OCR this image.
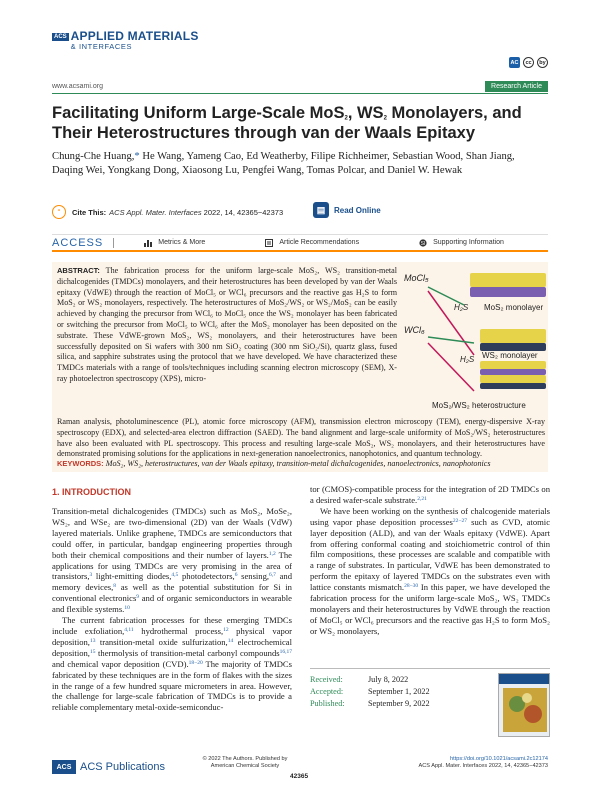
ACS APPLIED MATERIALS
& INTERFACES
AC	cc	by
www.acsami.org	Research Article
Facilitating Uniform Large-Scale MoS$_2$, $WS_2$ Monolayers, and Their Heterostructures through van der Waals Epitaxy
Chung-Che Huang,* He Wang, Yameng Cao, Ed Weatherby, Filipe Richheimer, Sebastian Wood, Shan Jiang, Daqing Wei, Yongkang Dong, Xiaosong Lu, Pengfei Wang, Tomas Polcar, and Daniel W. Hewak
“	Cite This: ACS Appl. Mater. Interfaces 2022, 14, 42365−42373	▤	Read Online
ACCESS	Metrics & More	Article Recommendations	SI Supporting Information
ABSTRACT: The fabrication process for the uniform large-scale MoS₂, WS₂ transition-metal dichalcogenides (TMDCs) monolayers, and their heterostructures has been developed by van der Waals epitaxy (VdWE) through the reaction of MoCl₅ or WCl₆ precursors and the reactive gas H₂S to form MoS₂ or WS₂ monolayers, respectively. The heterostructures of MoS₂/WS₂ or WS₂/MoS₂ can be easily achieved by changing the precursor from WCl₆ to MoCl₅ once the WS₂ monolayer has been fabricated or switching the precursor from MoCl₅ to WCl₆ after the MoS₂ monolayer has been deposited on the substrate. These VdWE-grown MoS₂, WS₂ monolayers, and their heterostructures have been successfully deposited on Si wafers with 300 nm SiO₂ coating (300 nm SiO₂/Si), quartz glass, fused silica, and sapphire substrates using the protocol that we have developed. We have characterized these TMDCs materials with a range of tools/techniques including scanning electron microscopy (SEM), X-ray photoelectron spectroscopy (XPS), micro-
Raman analysis, photoluminescence (PL), atomic force microscopy (AFM), transmission electron microscopy (TEM), energy-dispersive X-ray spectroscopy (EDX), and selected-area electron diffraction (SAED). The band alignment and large-scale uniformity of MoS₂/WS₂ heterostructures have also been evaluated with PL spectroscopy. This process and resulting large-scale MoS₂, WS₂ monolayers, and their heterostructures have demonstrated promising solutions for the applications in next-generation nanoelectronics, nanophotonics, and quantum technology.
KEYWORDS: MoS₂, WS₂, heterostructures, van der Waals epitaxy, transition-metal dichalcogenides, nanoelectronics, nanophotonics
MoCl₅
WCl₆
H₂S
H₂S
MoS₂ monolayer
WS₂ monolayer
MoS₂/WS₂ heterostructure
1. INTRODUCTION

Transition-metal dichalcogenides (TMDCs) such as MoS₂, MoSe₂, WS₂, and WSe₂ are two-dimensional (2D) van der Waals (VdW) layered materials. Unlike graphene, TMDCs are semiconductors that could offer, in particular, bandgap engineering properties through both their chemical compositions and their number of layers.$^{1,2}$ The applications for using TMDCs are very promising in the area of transistors,$^3$ light-emitting diodes,$^{4,5}$ photodetectors,$^6$ sensing,$^{6,7}$ and memory devices,$^8$ as well as the potential substitution for Si in conventional electronics$^9$ and of organic semiconductors in wearable and flexible systems.$^{10}$

The current fabrication processes for these emerging TMDCs include exfoliation,$^{4,11}$ hydrothermal process,$^{12}$ physical vapor deposition,$^{13}$ transition-metal oxide sulfurization,$^{14}$ electrochemical deposition,$^{15}$ thermolysis of transition-metal carbonyl compounds$^{16,17}$ and chemical vapor deposition (CVD).$^{18-20}$ The majority of TMDCs fabricated by these techniques are in the form of flakes with the sizes in the range of a few hundred square micrometers in area. However, the challenge for large-scale fabrication of TMDCs is to provide a reliable complementary metal-oxide-semiconduc-

tor (CMOS)-compatible process for the integration of 2D TMDCs on a desired wafer-scale substrate.$^{2,21}$

We have been working on the synthesis of chalcogenide materials using vapor phase deposition processes$^{22-27}$ such as CVD, atomic layer deposition (ALD), and van der Waals epitaxy (VdWE). Apart from offering conformal coating and stoichiometric control of thin film compositions, these processes are scalable and compatible with a range of substrates. In particular, VdWE has been demonstrated to perform the epitaxy of layered TMDCs on the substrates even with lattice constants mismatch.$^{28-30}$ In this paper, we have developed the fabrication process for the uniform large-scale MoS₂, WS₂ TMDCs monolayers and their heterostructures by VdWE through the reaction of MoCl₅ or WCl₆ precursors and the reactive gas H₂S to form MoS₂ or WS₂ monolayers,

Received:	July 8, 2022
Accepted:	September 1, 2022
Published:	September 9, 2022
ACS ACS Publications
© 2022 The Authors. Published by
American Chemical Society
42365
https://doi.org/10.1021/acsami.2c12174
ACS Appl. Mater. Interfaces 2022, 14, 42365−42373
